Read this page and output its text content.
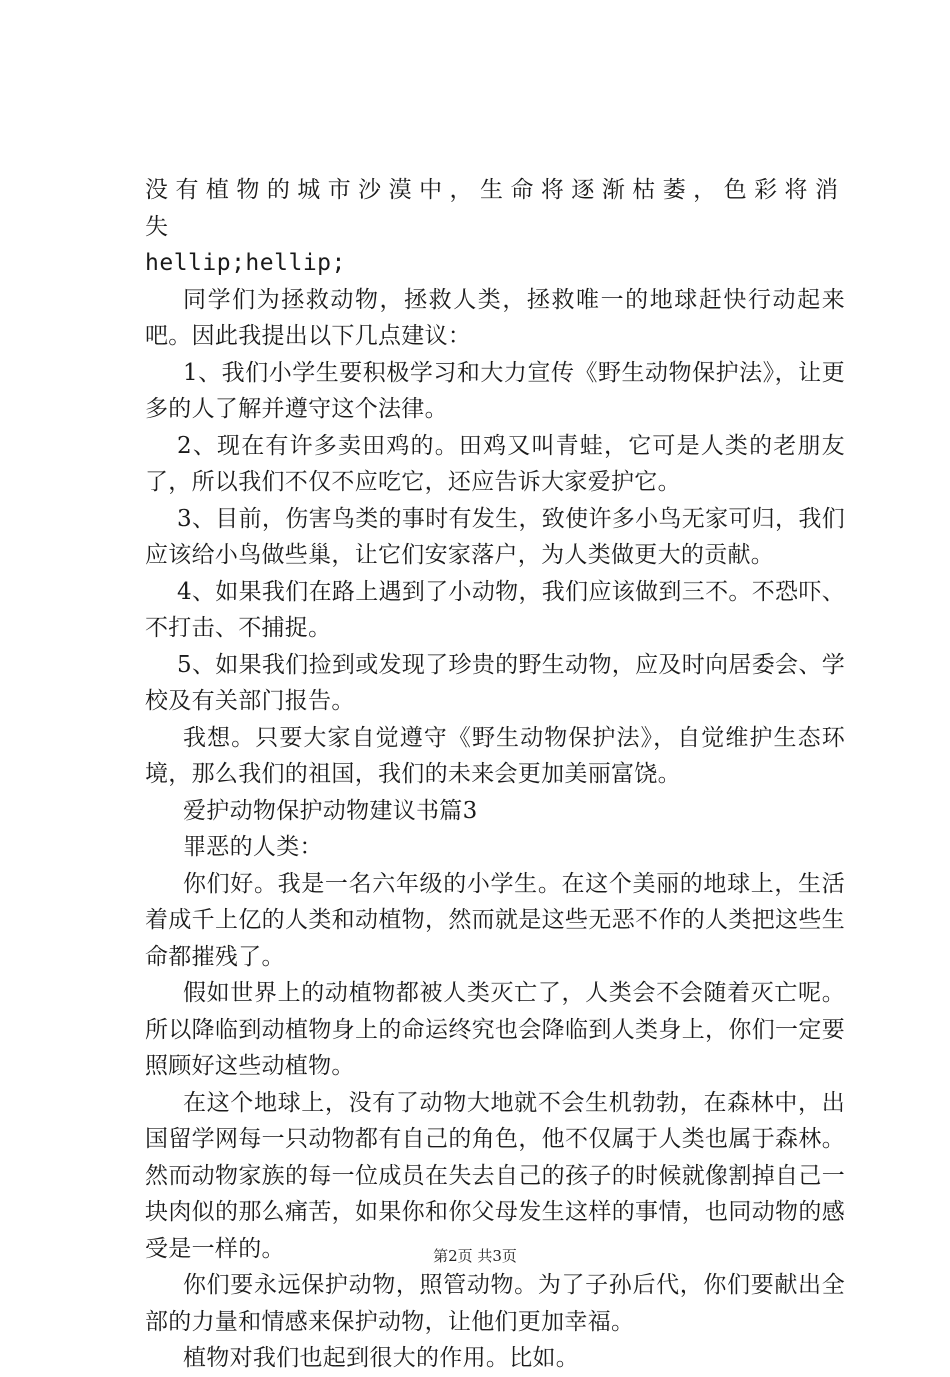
没有植物的城市沙漠中，生命将逐渐枯萎，色彩将消失

hellip;hellip;

同学们为拯救动物，拯救人类，拯救唯一的地球赶快行动起来吧。因此我提出以下几点建议：

1、我们小学生要积极学习和大力宣传《野生动物保护法》，让更多的人了解并遵守这个法律。

2、现在有许多卖田鸡的。田鸡又叫青蛙，它可是人类的老朋友了，所以我们不仅不应吃它，还应告诉大家爱护它。

3、目前，伤害鸟类的事时有发生，致使许多小鸟无家可归，我们应该给小鸟做些巢，让它们安家落户，为人类做更大的贡献。

4、如果我们在路上遇到了小动物，我们应该做到三不。不恐吓、不打击、不捕捉。

5、如果我们捡到或发现了珍贵的野生动物，应及时向居委会、学校及有关部门报告。

我想。只要大家自觉遵守《野生动物保护法》，自觉维护生态环境，那么我们的祖国，我们的未来会更加美丽富饶。

爱护动物保护动物建议书篇3

罪恶的人类：

你们好。我是一名六年级的小学生。在这个美丽的地球上，生活着成千上亿的人类和动植物，然而就是这些无恶不作的人类把这些生命都摧残了。

假如世界上的动植物都被人类灭亡了，人类会不会随着灭亡呢。所以降临到动植物身上的命运终究也会降临到人类身上，你们一定要照顾好这些动植物。

在这个地球上，没有了动物大地就不会生机勃勃，在森林中，出国留学网每一只动物都有自己的角色，他不仅属于人类也属于森林。然而动物家族的每一位成员在失去自己的孩子的时候就像割掉自己一块肉似的那么痛苦，如果你和你父母发生这样的事情，也同动物的感受是一样的。

你们要永远保护动物，照管动物。为了子孙后代，你们要献出全部的力量和情感来保护动物，让他们更加幸福。

植物对我们也起到很大的作用。比如。

第2页 共3页
